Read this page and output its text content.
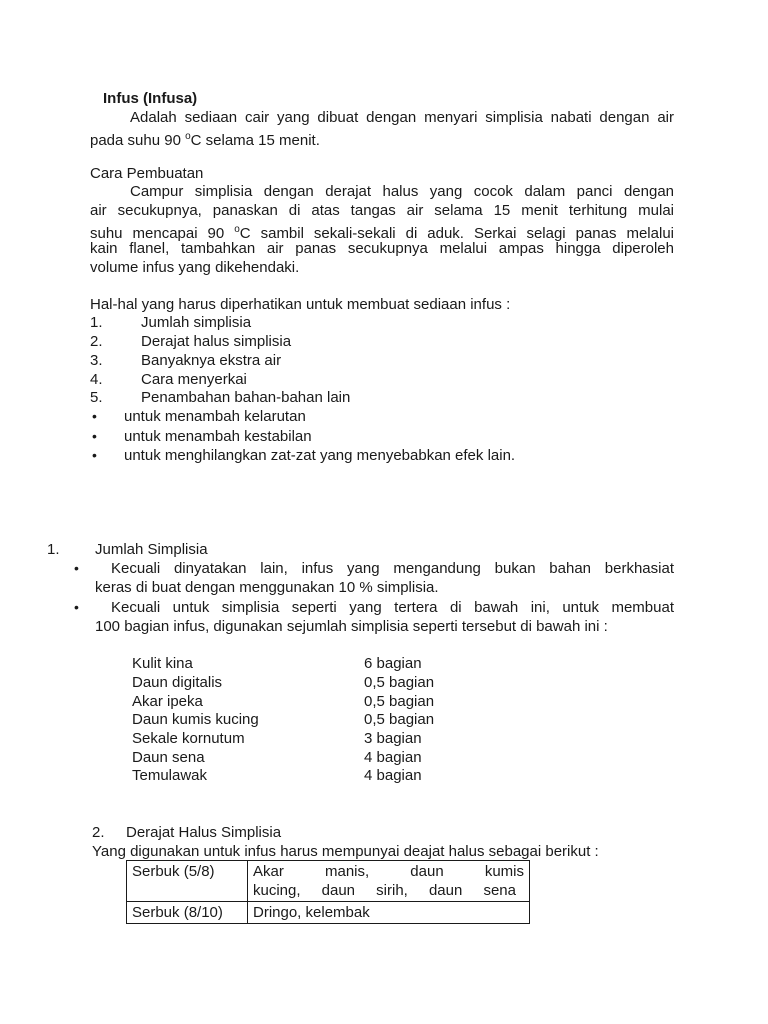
Infus (Infusa)
Adalah sediaan cair yang dibuat dengan menyari simplisia nabati dengan air pada suhu 90 $^o$C selama 15 menit.
Cara Pembuatan
Campur simplisia dengan derajat halus yang cocok dalam panci dengan
air secukupnya, panaskan di atas tangas air selama 15 menit terhitung mulai
suhu mencapai 90 $^o$C sambil sekali-sekali di aduk. Serkai selagi panas melalui
kain flanel, tambahkan air panas secukupnya melalui ampas hingga diperoleh
volume infus yang dikehendaki.
Hal-hal yang harus diperhatikan untuk membuat sediaan infus :
1.	Jumlah simplisia
2.	Derajat halus simplisia
3.	Banyaknya ekstra air
4.	Cara menyerkai
5.	Penambahan bahan-bahan lain
• untuk menambah kelarutan
• untuk menambah kestabilan
• untuk menghilangkan zat-zat yang menyebabkan efek lain.
1. Jumlah Simplisia
•	Kecuali dinyatakan lain, infus yang mengandung bukan bahan berkhasiat
keras di buat dengan menggunakan 10 % simplisia.
•	Kecuali untuk simplisia seperti yang tertera di bawah ini, untuk membuat
100 bagian infus, digunakan sejumlah simplisia seperti tersebut di bawah ini :
Kulit kina	6 bagian
Daun digitalis	0,5 bagian
Akar ipeka	0,5 bagian
Daun kumis kucing	0,5 bagian
Sekale kornutum	3 bagian
Daun sena	4 bagian
Temulawak	4 bagian
2. Derajat Halus Simplisia
Yang digunakan untuk infus harus mempunyai deajat halus sebagai berikut :
Serbuk (5/8)	Akar manis, daun kumis
kucing, daun sirih, daun sena

Serbuk (8/10)	Dringo, kelembak
